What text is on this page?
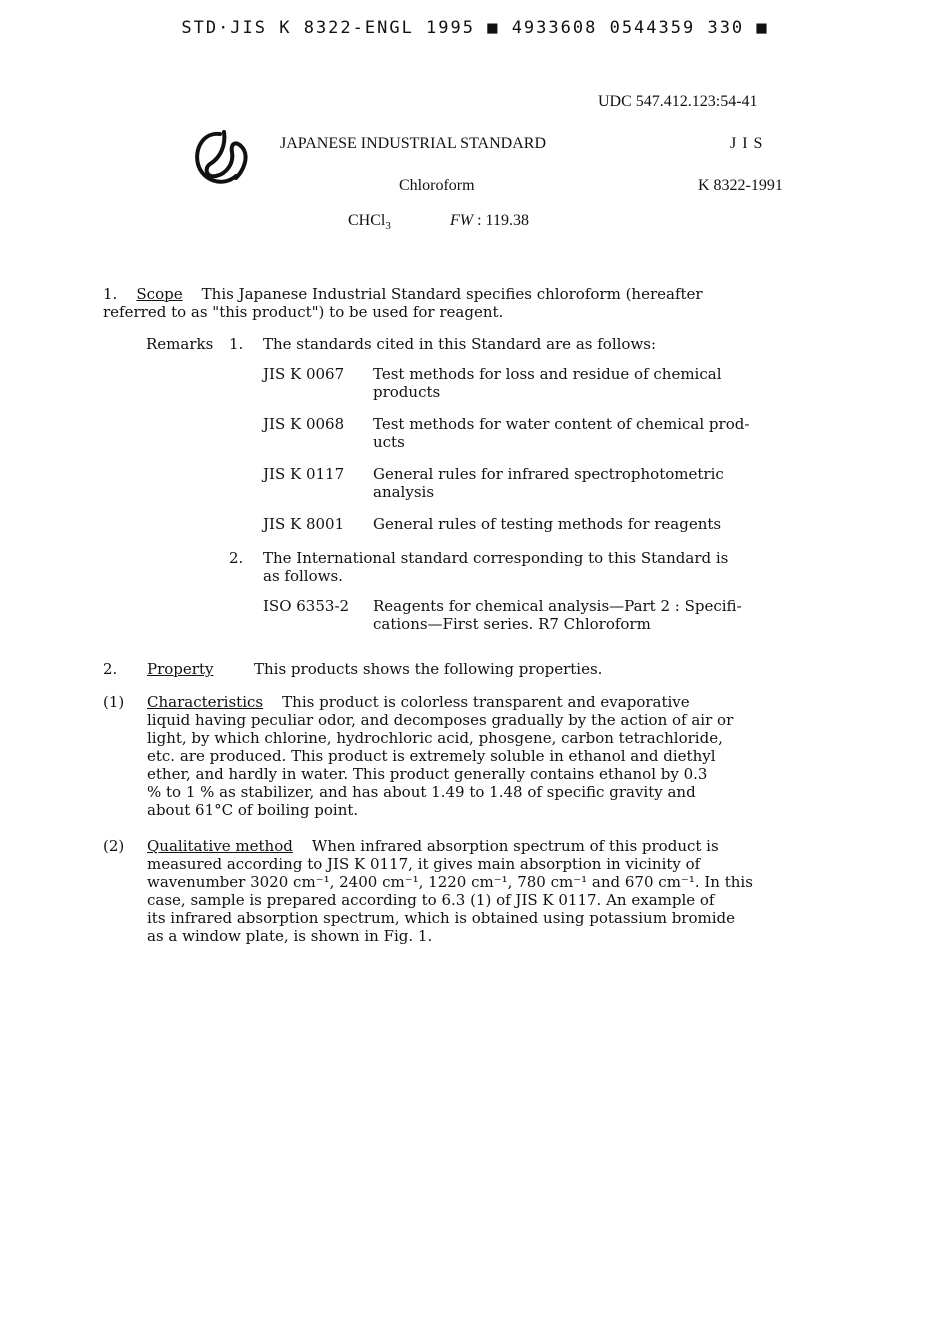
STD·JIS K 8322-ENGL 1995 ■ 4933608 0544359 330 ■
UDC 547.412.123:54-41
JAPANESE INDUSTRIAL STANDARD	J I S
Chloroform	K 8322-1991
CHCl$_3$	FW : 119.38
1. Scope This Japanese Industrial Standard specifies chloroform (hereafter
referred to as "this product") to be used for reagent.
Remarks 1. The standards cited in this Standard are as follows:
JIS K 0067 Test methods for loss and residue of chemical
products
JIS K 0068 Test methods for water content of chemical prod-
ucts
JIS K 0117 General rules for infrared spectrophotometric
analysis
JIS K 8001 General rules of testing methods for reagents
2. The International standard corresponding to this Standard is
as follows.
ISO 6353-2 Reagents for chemical analysis—Part 2 : Specifi-
cations—First series. R7 Chloroform
2. Property	This products shows the following properties.
(1) Characteristics This product is colorless transparent and evaporative
liquid having peculiar odor, and decomposes gradually by the action of air or
light, by which chlorine, hydrochloric acid, phosgene, carbon tetrachloride,
etc. are produced. This product is extremely soluble in ethanol and diethyl
ether, and hardly in water. This product generally contains ethanol by 0.3
% to 1 % as stabilizer, and has about 1.49 to 1.48 of specific gravity and
about 61°C of boiling point.
(2) Qualitative method When infrared absorption spectrum of this product is
measured according to JIS K 0117, it gives main absorption in vicinity of
wavenumber 3020 cm⁻¹, 2400 cm⁻¹, 1220 cm⁻¹, 780 cm⁻¹ and 670 cm⁻¹. In this
case, sample is prepared according to 6.3 (1) of JIS K 0117. An example of
its infrared absorption spectrum, which is obtained using potassium bromide
as a window plate, is shown in Fig. 1.
